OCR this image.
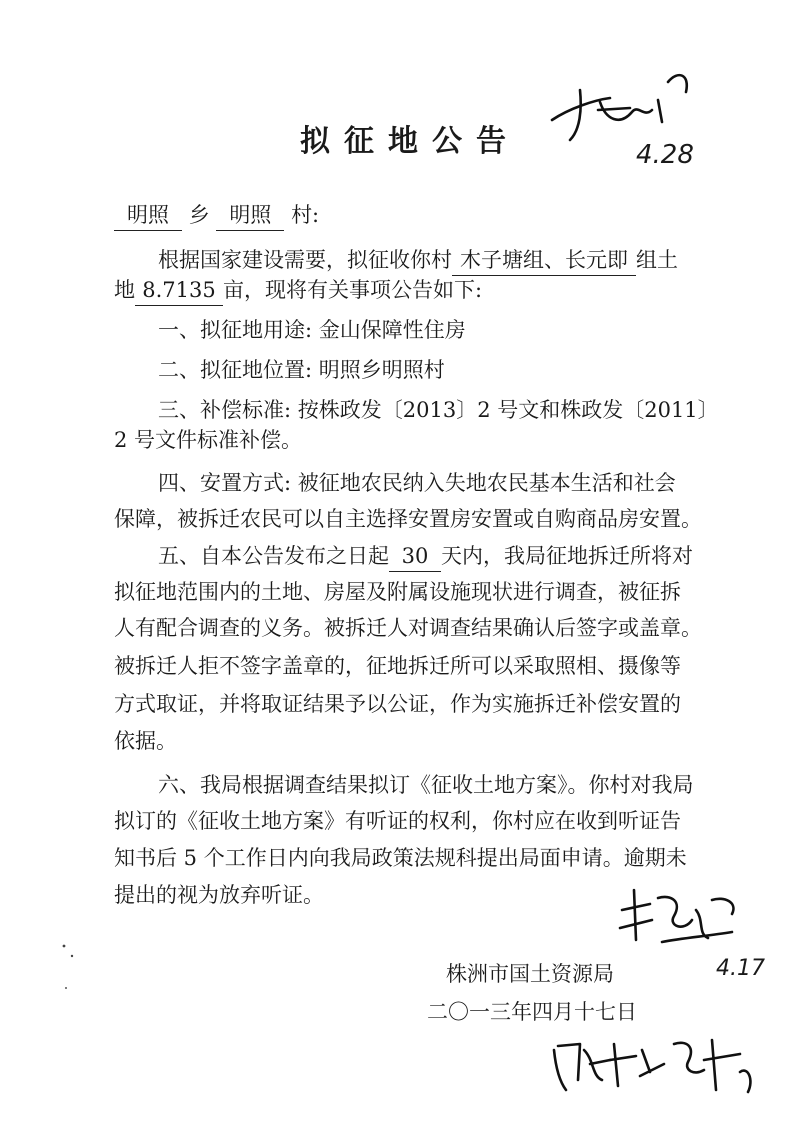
4.28
拟征地公告
明照 乡 明照 村:
根据国家建设需要，拟征收你村 木子塘组、长元即 组土
地 8.7135 亩，现将有关事项公告如下:
一、拟征地用途: 金山保障性住房
二、拟征地位置: 明照乡明照村
三、补偿标准: 按株政发〔2013〕2 号文和株政发〔2011〕
2 号文件标准补偿。
四、安置方式: 被征地农民纳入失地农民基本生活和社会
保障，被拆迁农民可以自主选择安置房安置或自购商品房安置。
五、自本公告发布之日起 30 天内，我局征地拆迁所将对
拟征地范围内的土地、房屋及附属设施现状进行调查，被征拆
人有配合调查的义务。被拆迁人对调查结果确认后签字或盖章。
被拆迁人拒不签字盖章的，征地拆迁所可以采取照相、摄像等
方式取证，并将取证结果予以公证，作为实施拆迁补偿安置的
依据。
六、我局根据调查结果拟订《征收土地方案》。你村对我局
拟订的《征收土地方案》有听证的权利，你村应在收到听证告
知书后 5 个工作日内向我局政策法规科提出局面申请。逾期未
提出的视为放弃听证。
4.17
株洲市国土资源局
二〇一三年四月十七日
